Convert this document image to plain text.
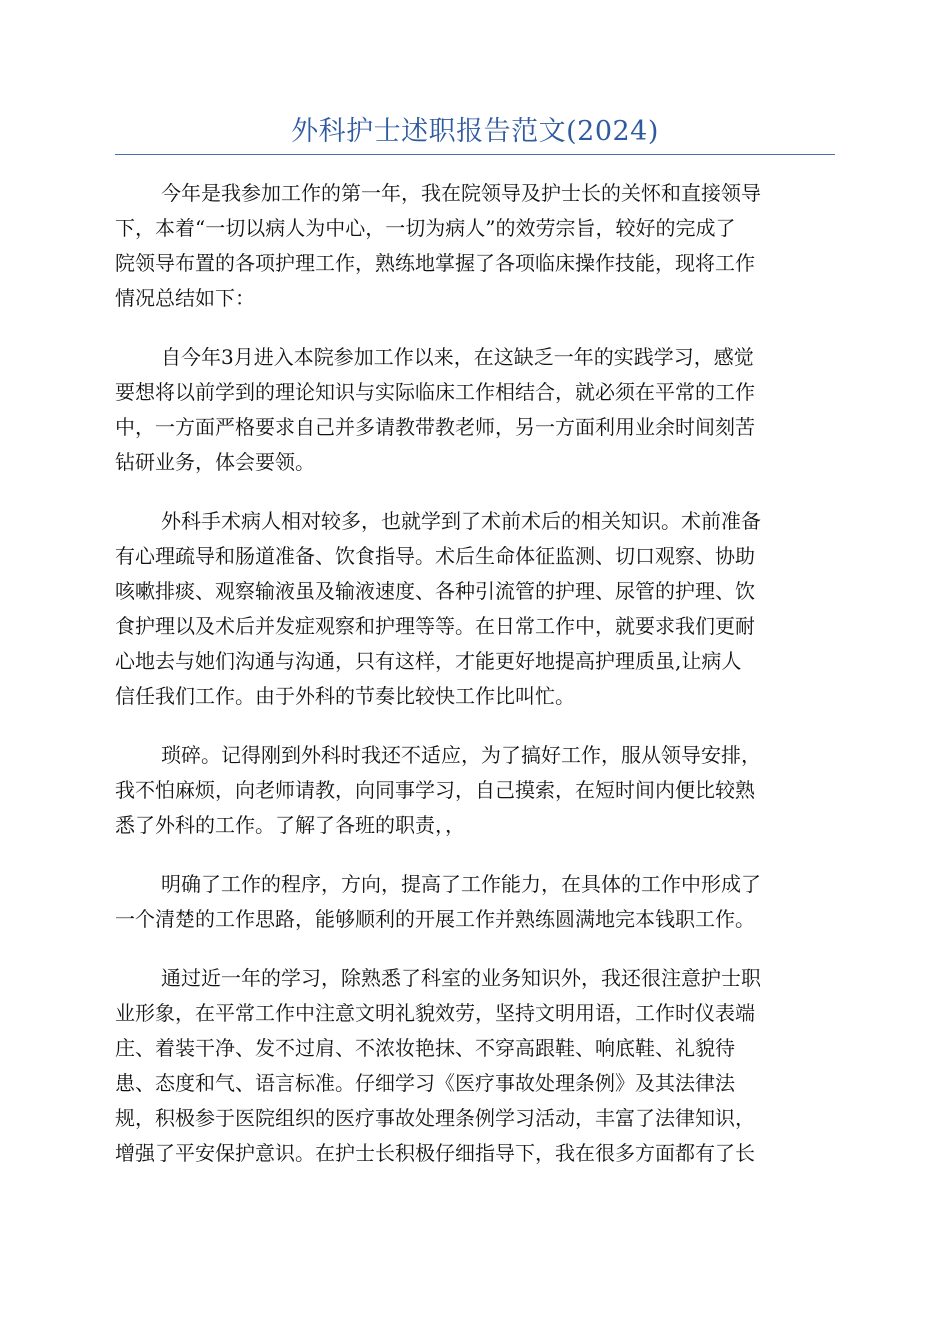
外科护士述职报告范文(2024)
今年是我参加工作的第一年，我在院领导及护士长的关怀和直接领导
下，本着“一切以病人为中心，一切为病人”的效劳宗旨，较好的完成了
院领导布置的各项护理工作，熟练地掌握了各项临床操作技能，现将工作
情况总结如下：
自今年3月进入本院参加工作以来，在这缺乏一年的实践学习，感觉
要想将以前学到的理论知识与实际临床工作相结合，就必须在平常的工作
中，一方面严格要求自己并多请教带教老师，另一方面利用业余时间刻苦
钻研业务，体会要领。
外科手术病人相对较多，也就学到了术前术后的相关知识。术前准备
有心理疏导和肠道准备、饮食指导。术后生命体征监测、切口观察、协助
咳嗽排痰、观察输液虽及输液速度、各种引流管的护理、尿管的护理、饮
食护理以及术后并发症观察和护理等等。在日常工作中，就要求我们更耐
心地去与她们沟通与沟通，只有这样，才能更好地提高护理质虽,让病人
信任我们工作。由于外科的节奏比较快工作比叫忙。
琐碎。记得刚到外科时我还不适应，为了搞好工作，服从领导安排，
我不怕麻烦，向老师请教，向同事学习，自己摸索，在短时间内便比较熟
悉了外科的工作。了解了各班的职责，，
明确了工作的程序，方向，提高了工作能力，在具体的工作中形成了
一个清楚的工作思路，能够顺利的开展工作并熟练圆满地完本钱职工作。
通过近一年的学习，除熟悉了科室的业务知识外，我还很注意护士职
业形象，在平常工作中注意文明礼貌效劳，坚持文明用语，工作时仪表端
庄、着装干净、发不过肩、不浓妆艳抹、不穿高跟鞋、响底鞋、礼貌待
患、态度和气、语言标准。仔细学习《医疗事故处理条例》及其法律法
规，积极参于医院组织的医疗事故处理条例学习活动，丰富了法律知识，
增强了平安保护意识。在护士长积极仔细指导下，我在很多方面都有了长
